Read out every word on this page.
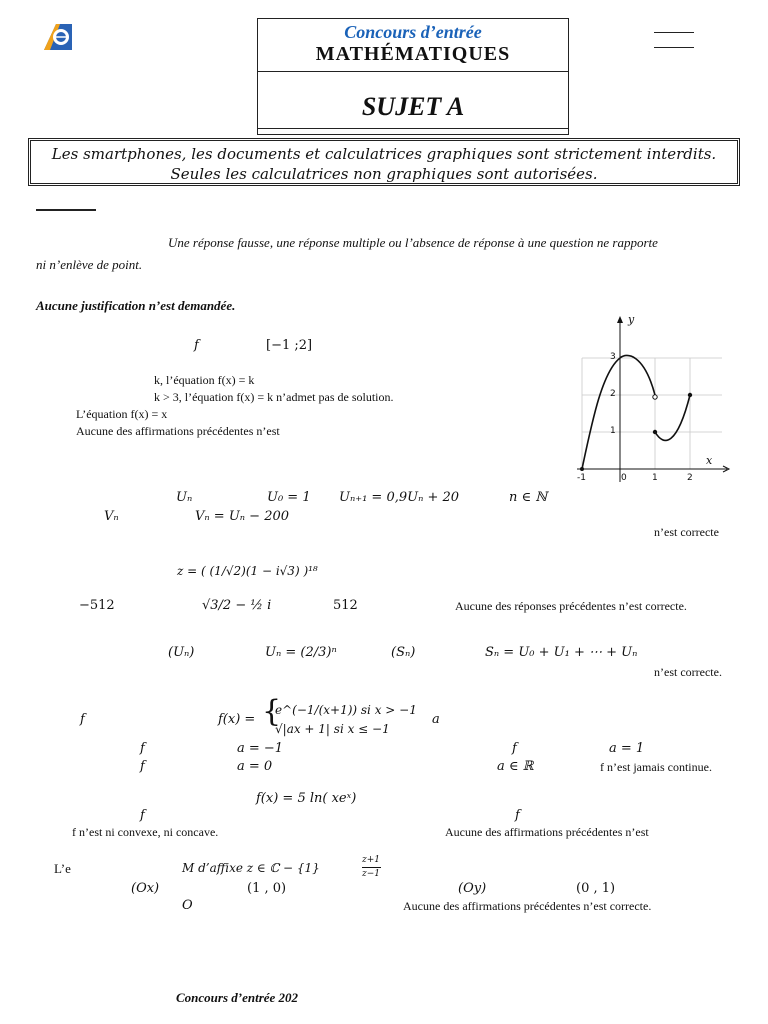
Concours d’entrée
MATHÉMATIQUES
SUJET A
Les smartphones, les documents et calculatrices graphiques sont strictement interdits.
Seules les calculatrices non graphiques sont autorisées.
Une réponse fausse, une réponse multiple ou l’absence de réponse à une question ne rapporte
ni n’enlève de point.
Aucune justification n’est demandée.
f	[−1 ;2]
k, l’équation f(x) = k
k > 3, l’équation f(x) = k n’admet pas de solution.
L’équation f(x) = x
Aucune des affirmations précédentes n’est
y
x
-1	0	1	2
1
2
3
Uₙ	U₀ = 1 Uₙ₊₁ = 0,9Uₙ + 20	n ∈ ℕ
Vₙ	Vₙ = Uₙ − 200
n’est correcte
z = ( (1/√2)(1 − i√3) )¹⁸
−512	√3/2 − ½ i	512	Aucune des réponses précédentes n’est correcte.
(Uₙ)	Uₙ = (2/3)ⁿ	(Sₙ)	Sₙ = U₀ + U₁ + ⋯ + Uₙ
n’est correcte.
f	f(x) = {
e^(−1/(x+1)) si x > −1
√|ax + 1| si x ≤ −1
a
f	a = −1	f	a = 1
f	a = 0	a ∈ ℝ	f n’est jamais continue.
f(x) = 5 ln( xeˣ)
f	f
f n’est ni convexe, ni concave.	Aucune des affirmations précédentes n’est
L’e	M d’affixe z ∈ ℂ − {1}
z+1
z−1
(Ox)	(1 , 0)	(Oy)	(0 , 1)
O	Aucune des affirmations précédentes n’est correcte.
Concours d’entrée 202
